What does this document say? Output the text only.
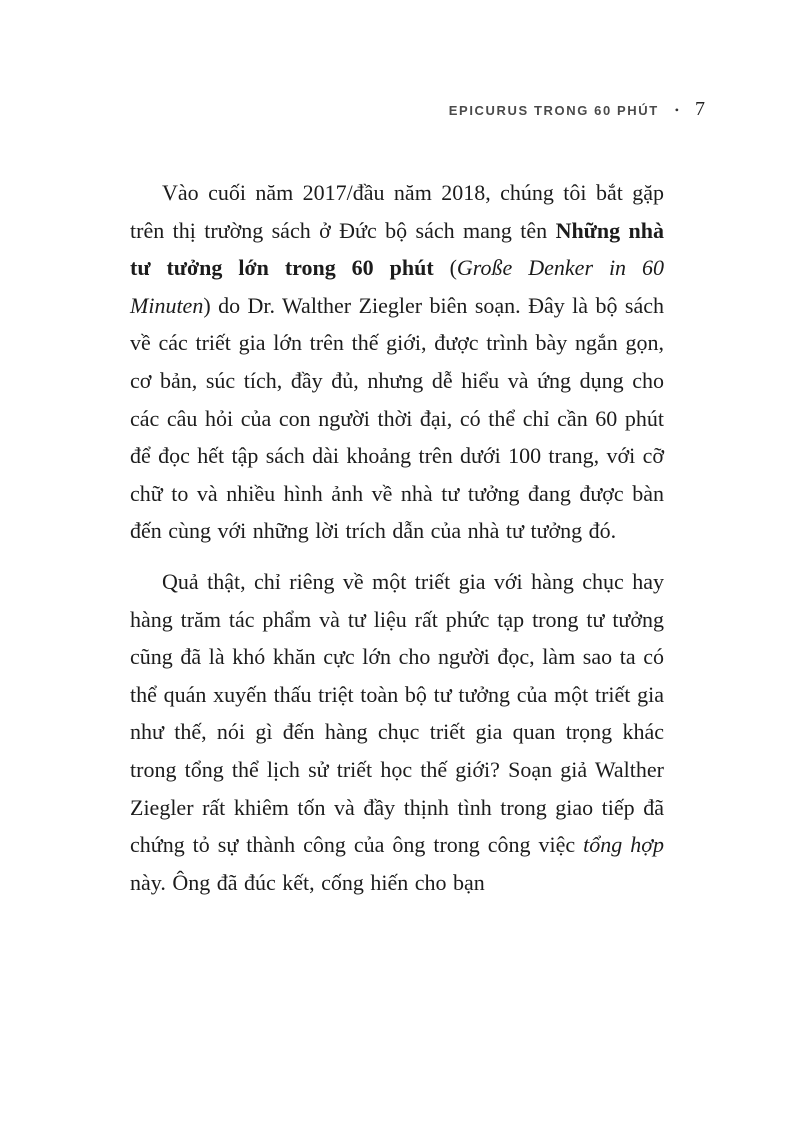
EPICURUS TRONG 60 PHÚT • 7

Vào cuối năm 2017/đầu năm 2018, chúng tôi bắt gặp trên thị trường sách ở Đức bộ sách mang tên Những nhà tư tưởng lớn trong 60 phút (Große Denker in 60 Minuten) do Dr. Walther Ziegler biên soạn. Đây là bộ sách về các triết gia lớn trên thế giới, được trình bày ngắn gọn, cơ bản, súc tích, đầy đủ, nhưng dễ hiểu và ứng dụng cho các câu hỏi của con người thời đại, có thể chỉ cần 60 phút để đọc hết tập sách dài khoảng trên dưới 100 trang, với cỡ chữ to và nhiều hình ảnh về nhà tư tưởng đang được bàn đến cùng với những lời trích dẫn của nhà tư tưởng đó.

Quả thật, chỉ riêng về một triết gia với hàng chục hay hàng trăm tác phẩm và tư liệu rất phức tạp trong tư tưởng cũng đã là khó khăn cực lớn cho người đọc, làm sao ta có thể quán xuyến thấu triệt toàn bộ tư tưởng của một triết gia như thế, nói gì đến hàng chục triết gia quan trọng khác trong tổng thể lịch sử triết học thế giới? Soạn giả Walther Ziegler rất khiêm tốn và đầy thịnh tình trong giao tiếp đã chứng tỏ sự thành công của ông trong công việc tổng hợp này. Ông đã đúc kết, cống hiến cho bạn
